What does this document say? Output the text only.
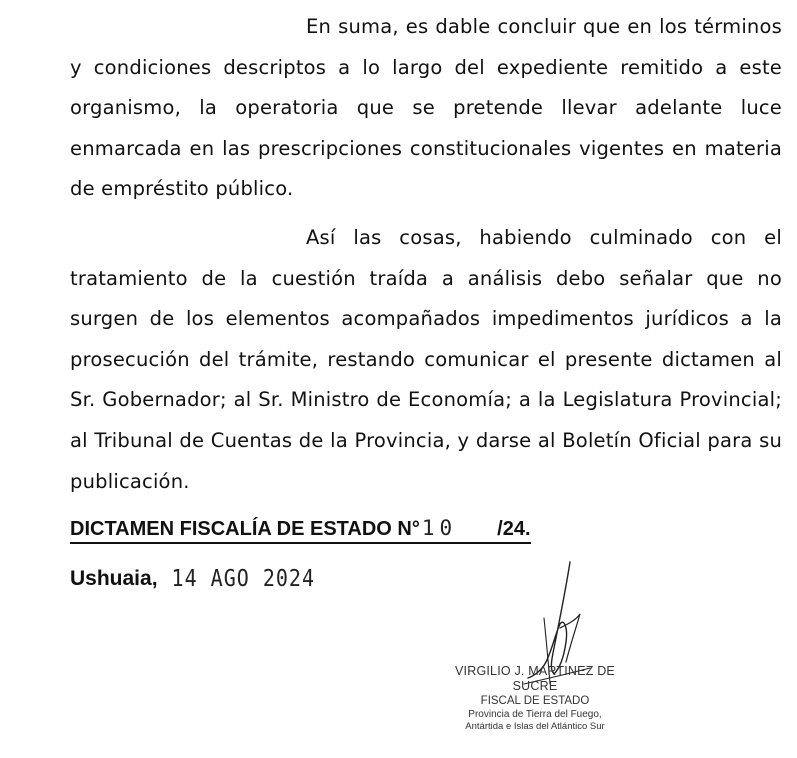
En suma, es dable concluir que en los términos y condiciones descriptos a lo largo del expediente remitido a este organismo, la operatoria que se pretende llevar adelante luce enmarcada en las prescripciones constitucionales vigentes en materia de empréstito público.

Así las cosas, habiendo culminado con el tratamiento de la cuestión traída a análisis debo señalar que no surgen de los elementos acompañados impedimentos jurídicos a la prosecución del trámite, restando comunicar el presente dictamen al Sr. Gobernador; al Sr. Ministro de Economía; a la Legislatura Provincial; al Tribunal de Cuentas de la Provincia, y darse al Boletín Oficial para su publicación.

DICTAMEN FISCALÍA DE ESTADO N° 10 /24.
Ushuaia, 14 AGO 2024
VIRGILIO J. MARTINEZ DE SUCRE
FISCAL DE ESTADO
Provincia de Tierra del Fuego,
Antártida e Islas del Atlántico Sur
